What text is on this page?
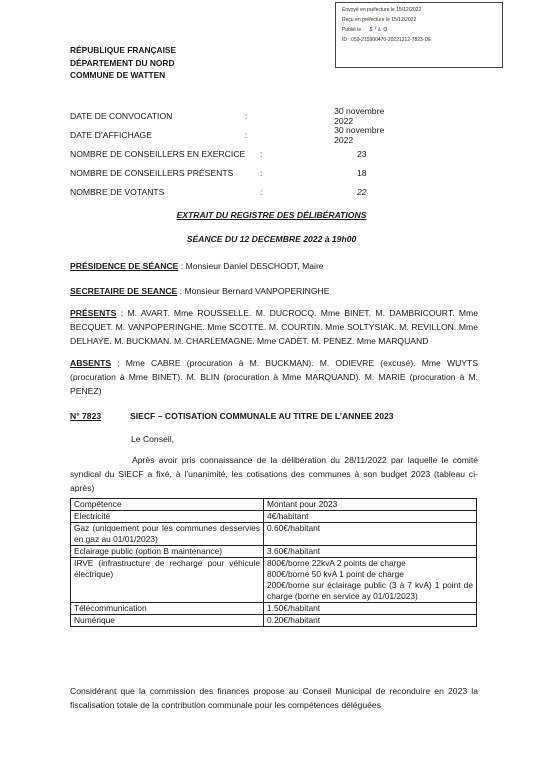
Envoyé en préfecture le 15/12/2022
Reçu en préfecture le 15/12/2022
Publié le S²LO
ID : 059-215900470-20221212-7823-DE
RÉPUBLIQUE FRANÇAISE
DÉPARTEMENT DU NORD
COMMUNE DE WATTEN
DATE DE CONVOCATION	:	30 novembre 2022
DATE D’AFFICHAGE	:	30 novembre 2022
NOMBRE DE CONSEILLERS EN EXERCICE	:	23
NOMBRE DE CONSEILLERS PRÉSENTS	:	18
NOMBRE DE VOTANTS	:	22
EXTRAIT DU REGISTRE DES DÉLIBÉRATIONS
SÉANCE DU 12 DECEMBRE 2022 à 19h00
PRÉSIDENCE DE SÉANCE : Monsieur Daniel DESCHODT, Maire
SECRETAIRE DE SEANCE : Monsieur Bernard VANPOPERINGHE
PRÉSENTS : M. AVART. Mme ROUSSELLE. M. DUCROCQ. Mme BINET. M. DAMBRICOURT. Mme BECQUET. M. VANPOPERINGHE. Mme SCOTTE. M. COURTIN. Mme SOLTYSIAK. M. REVILLON. Mme DELHAYE. M. BUCKMAN. M. CHARLEMAGNE. Mme CADET. M. PENEZ. Mme MARQUAND
ABSENTS : Mme CABRE (procuration à M. BUCKMAN). M. ODIEVRE (excusé). Mme WUYTS (procuration à Mme BINET). M. BLIN (procuration à Mme MARQUAND). M. MARIE (procuration à M. PENEZ)
N° 7823	SIECF – COTISATION COMMUNALE AU TITRE DE L’ANNEE 2023
Le Conseil,
Après avoir pris connaissance de la délibération du 28/11/2022 par laquelle le comité syndical du SIECF a fixé, à l’unanimité, les cotisations des communes à son budget 2023 (tableau ci-après)
Compétence	Montant pour 2023
Electricité	4€/habitant

Gaz (uniquement pour les communes desservies en gaz au 01/01/2023)	0.60€/habitant

Eclairage public (option B maintenance)	3.60€/habitant

IRVE (infrastructure de recharge pour véhicule électrique)	800€/borne 22kvA 2 points de charge
800€/borne 50 kvA 1 point de charge
200€/borne sur éclairage public (3 à 7 kvA) 1 point de charge (borne en service ay 01/01/2023)

Télécommunication	1.50€/habitant

Numérique	0.20€/habitant
Considérant que la commission des finances propose au Conseil Municipal de reconduire en 2023 la fiscalisation totale de la contribution communale pour les compétences déléguées
